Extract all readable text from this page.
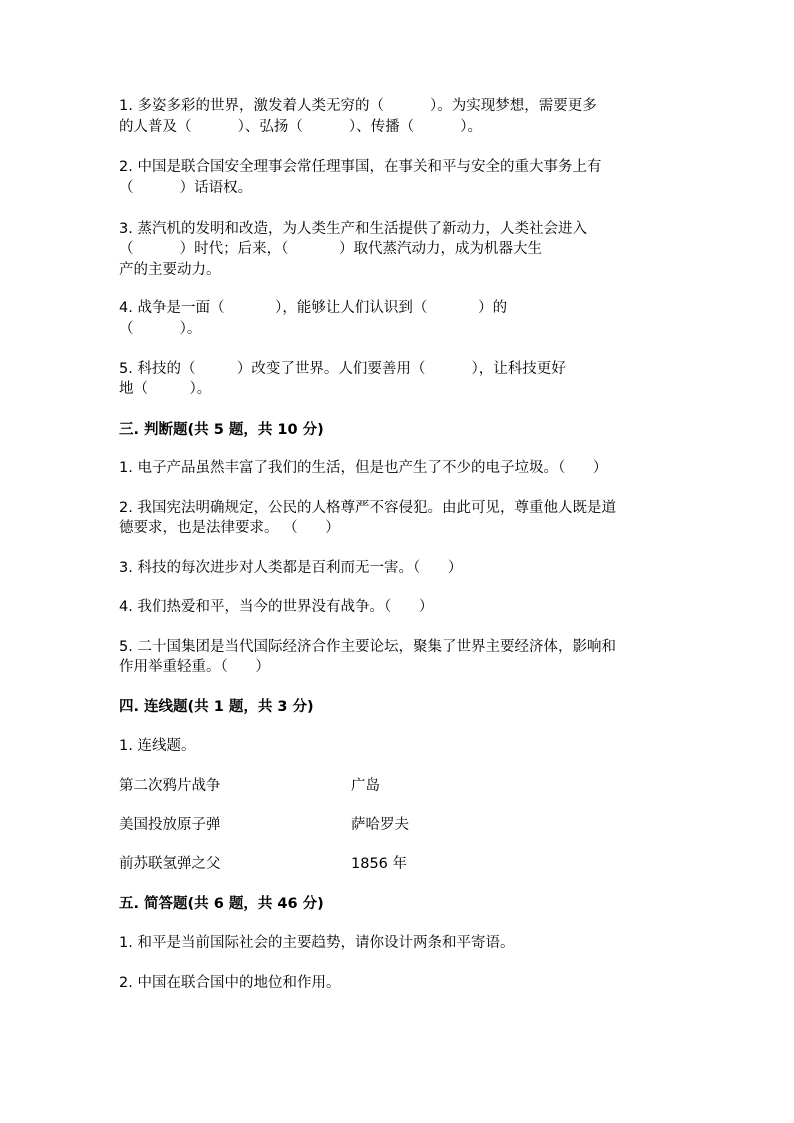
1. 多姿多彩的世界，激发着人类无穷的（          ）。为实现梦想，需要更多
的人普及（          ）、弘扬（          ）、传播（          ）。
2. 中国是联合国安全理事会常任理事国，在事关和平与安全的重大事务上有
（          ）话语权。
3. 蒸汽机的发明和改造，为人类生产和生活提供了新动力，人类社会进入
（          ）时代；后来，（           ）取代蒸汽动力，成为机器大生
产的主要动力。
4. 战争是一面（           ），能够让人们认识到（           ）的
（          ）。
5. 科技的（         ）改变了世界。人们要善用（          ），让科技更好
地（         ）。
三. 判断题(共 5 题，共 10 分)
1. 电子产品虽然丰富了我们的生活，但是也产生了不少的电子垃圾。（      ）
2. 我国宪法明确规定，公民的人格尊严不容侵犯。由此可见，尊重他人既是道
德要求，也是法律要求。 （      ）
3. 科技的每次进步对人类都是百利而无一害。（      ）
4. 我们热爱和平，当今的世界没有战争。（      ）
5. 二十国集团是当代国际经济合作主要论坛，聚集了世界主要经济体，影响和
作用举重轻重。（      ）
四. 连线题(共 1 题，共 3 分)
1. 连线题。
第二次鸦片战争	广岛
美国投放原子弹	萨哈罗夫
前苏联氢弹之父	1856 年
五. 简答题(共 6 题，共 46 分)
1. 和平是当前国际社会的主要趋势，请你设计两条和平寄语。
2. 中国在联合国中的地位和作用。
